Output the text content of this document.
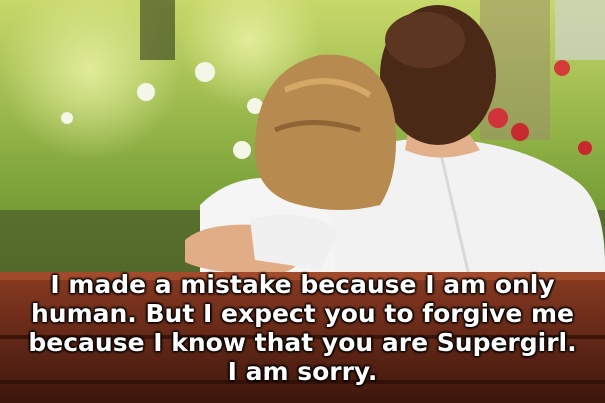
I made a mistake because I am only
human. But I expect you to forgive me
because I know that you are Supergirl.
I am sorry.
